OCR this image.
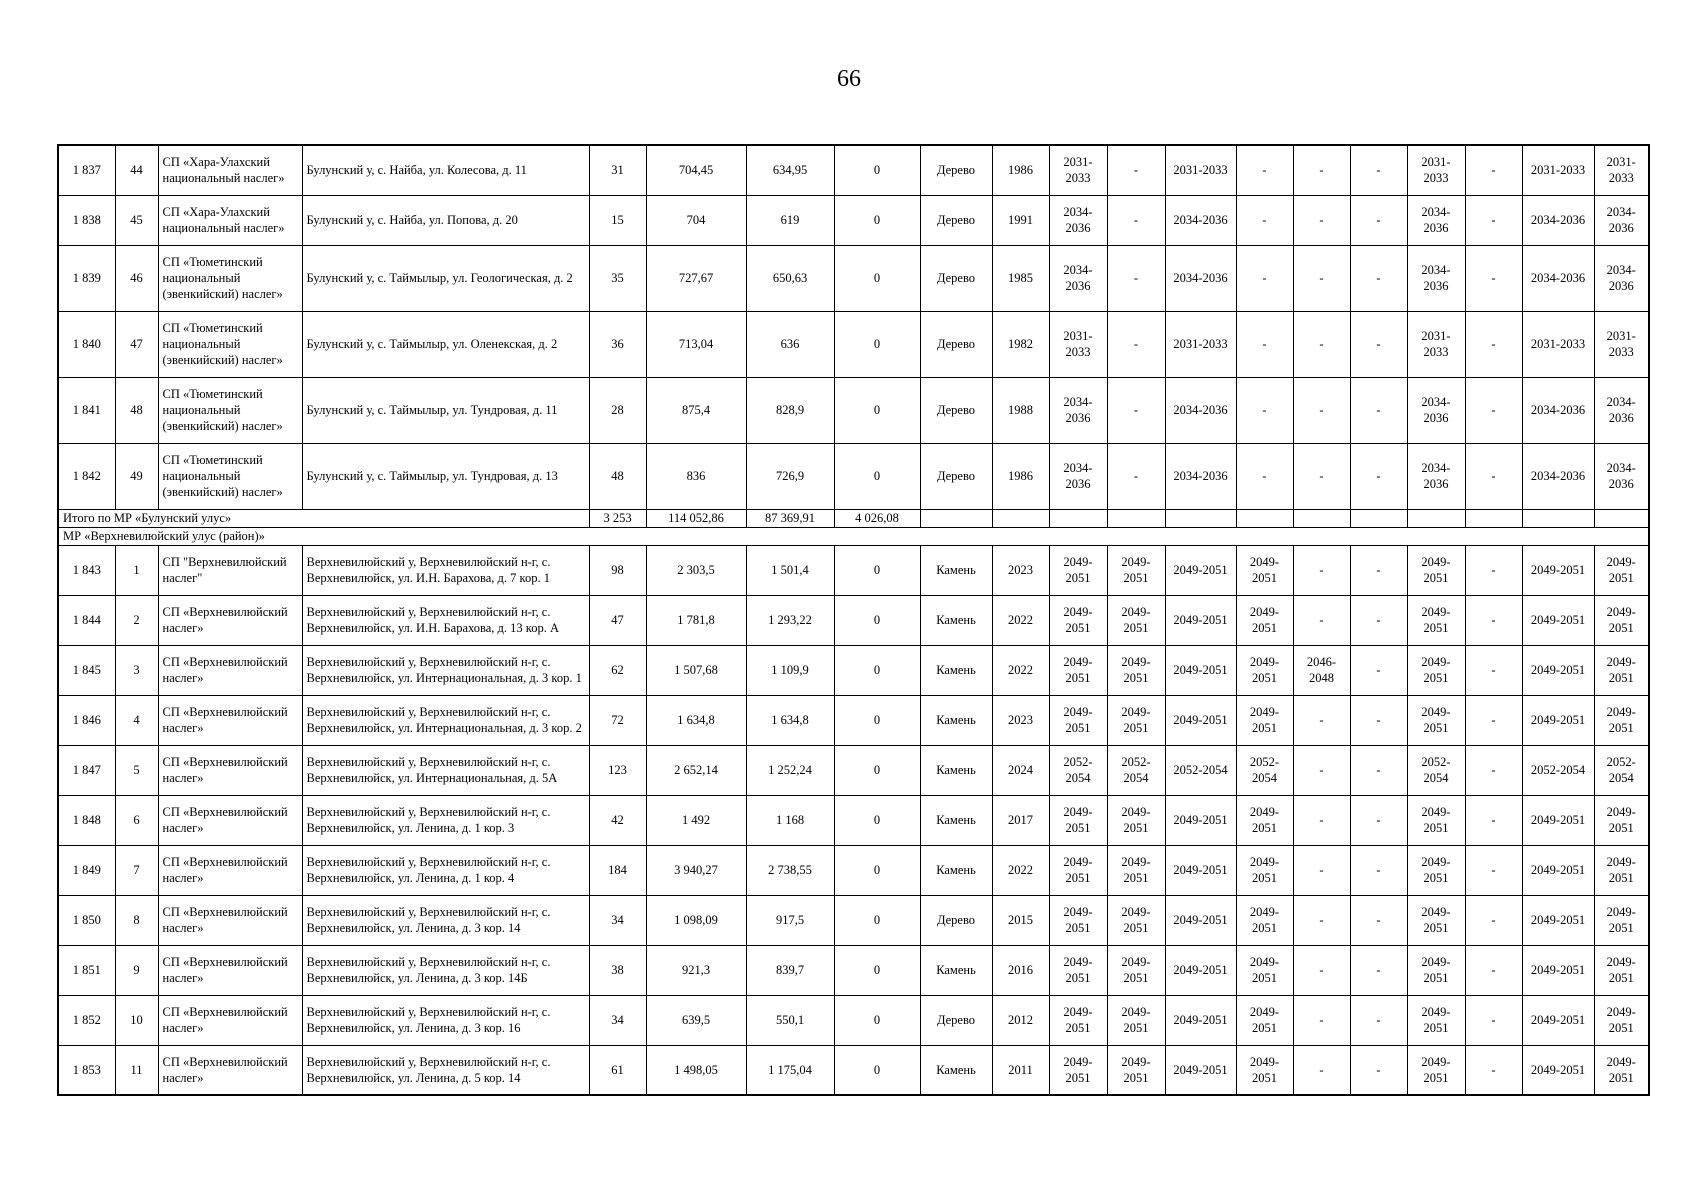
66
1 837	44	СП «Хара-Улахский национальный наслег»	Булунский у, с. Найба, ул. Колесова, д. 11	31	704,45	634,95	0	Дерево	1986	2031-2033	-	2031-2033	-	-	-	2031-2033	-	2031-2033	2031-2033
1 838	45	СП «Хара-Улахский национальный наслег»	Булунский у, с. Найба, ул. Попова, д. 20	15	704	619	0	Дерево	1991	2034-2036	-	2034-2036	-	-	-	2034-2036	-	2034-2036	2034-2036
1 839	46	СП «Тюметинский национальный (эвенкийский) наслег»	Булунский у, с. Таймылыр, ул. Геологическая, д. 2	35	727,67	650,63	0	Дерево	1985	2034-2036	-	2034-2036	-	-	-	2034-2036	-	2034-2036	2034-2036
1 840	47	СП «Тюметинский национальный (эвенкийский) наслег»	Булунский у, с. Таймылыр, ул. Оленекская, д. 2	36	713,04	636	0	Дерево	1982	2031-2033	-	2031-2033	-	-	-	2031-2033	-	2031-2033	2031-2033
1 841	48	СП «Тюметинский национальный (эвенкийский) наслег»	Булунский у, с. Таймылыр, ул. Тундровая, д. 11	28	875,4	828,9	0	Дерево	1988	2034-2036	-	2034-2036	-	-	-	2034-2036	-	2034-2036	2034-2036
1 842	49	СП «Тюметинский национальный (эвенкийский) наслег»	Булунский у, с. Таймылыр, ул. Тундровая, д. 13	48	836	726,9	0	Дерево	1986	2034-2036	-	2034-2036	-	-	-	2034-2036	-	2034-2036	2034-2036
Итого по МР «Булунский улус»				3 253	114 052,86	87 369,91	4 026,08												
МР «Верхневилюйский улус (район)»																			
1 843	1	СП "Верхневилюйский наслег"	Верхневилюйский у, Верхневилюйский н-г, с. Верхневилюйск, ул. И.Н. Барахова, д. 7 кор. 1	98	2 303,5	1 501,4	0	Камень	2023	2049-2051	2049-2051	2049-2051	2049-2051	-	-	2049-2051	-	2049-2051	2049-2051
1 844	2	СП «Верхневилюйский наслег»	Верхневилюйский у, Верхневилюйский н-г, с. Верхневилюйск, ул. И.Н. Барахова, д. 13 кор. А	47	1 781,8	1 293,22	0	Камень	2022	2049-2051	2049-2051	2049-2051	2049-2051	-	-	2049-2051	-	2049-2051	2049-2051
1 845	3	СП «Верхневилюйский наслег»	Верхневилюйский у, Верхневилюйский н-г, с. Верхневилюйск, ул. Интернациональная, д. 3 кор. 1	62	1 507,68	1 109,9	0	Камень	2022	2049-2051	2049-2051	2049-2051	2049-2051	2046-2048	-	2049-2051	-	2049-2051	2049-2051
1 846	4	СП «Верхневилюйский наслег»	Верхневилюйский у, Верхневилюйский н-г, с. Верхневилюйск, ул. Интернациональная, д. 3 кор. 2	72	1 634,8	1 634,8	0	Камень	2023	2049-2051	2049-2051	2049-2051	2049-2051	-	-	2049-2051	-	2049-2051	2049-2051
1 847	5	СП «Верхневилюйский наслег»	Верхневилюйский у, Верхневилюйский н-г, с. Верхневилюйск, ул. Интернациональная, д. 5А	123	2 652,14	1 252,24	0	Камень	2024	2052-2054	2052-2054	2052-2054	2052-2054	-	-	2052-2054	-	2052-2054	2052-2054
1 848	6	СП «Верхневилюйский наслег»	Верхневилюйский у, Верхневилюйский н-г, с. Верхневилюйск, ул. Ленина, д. 1 кор. 3	42	1 492	1 168	0	Камень	2017	2049-2051	2049-2051	2049-2051	2049-2051	-	-	2049-2051	-	2049-2051	2049-2051
1 849	7	СП «Верхневилюйский наслег»	Верхневилюйский у, Верхневилюйский н-г, с. Верхневилюйск, ул. Ленина, д. 1 кор. 4	184	3 940,27	2 738,55	0	Камень	2022	2049-2051	2049-2051	2049-2051	2049-2051	-	-	2049-2051	-	2049-2051	2049-2051
1 850	8	СП «Верхневилюйский наслег»	Верхневилюйский у, Верхневилюйский н-г, с. Верхневилюйск, ул. Ленина, д. 3 кор. 14	34	1 098,09	917,5	0	Дерево	2015	2049-2051	2049-2051	2049-2051	2049-2051	-	-	2049-2051	-	2049-2051	2049-2051
1 851	9	СП «Верхневилюйский наслег»	Верхневилюйский у, Верхневилюйский н-г, с. Верхневилюйск, ул. Ленина, д. 3 кор. 14Б	38	921,3	839,7	0	Камень	2016	2049-2051	2049-2051	2049-2051	2049-2051	-	-	2049-2051	-	2049-2051	2049-2051
1 852	10	СП «Верхневилюйский наслег»	Верхневилюйский у, Верхневилюйский н-г, с. Верхневилюйск, ул. Ленина, д. 3 кор. 16	34	639,5	550,1	0	Дерево	2012	2049-2051	2049-2051	2049-2051	2049-2051	-	-	2049-2051	-	2049-2051	2049-2051
1 853	11	СП «Верхневилюйский наслег»	Верхневилюйский у, Верхневилюйский н-г, с. Верхневилюйск, ул. Ленина, д. 5 кор. 14	61	1 498,05	1 175,04	0	Камень	2011	2049-2051	2049-2051	2049-2051	2049-2051	-	-	2049-2051	-	2049-2051	2049-2051
